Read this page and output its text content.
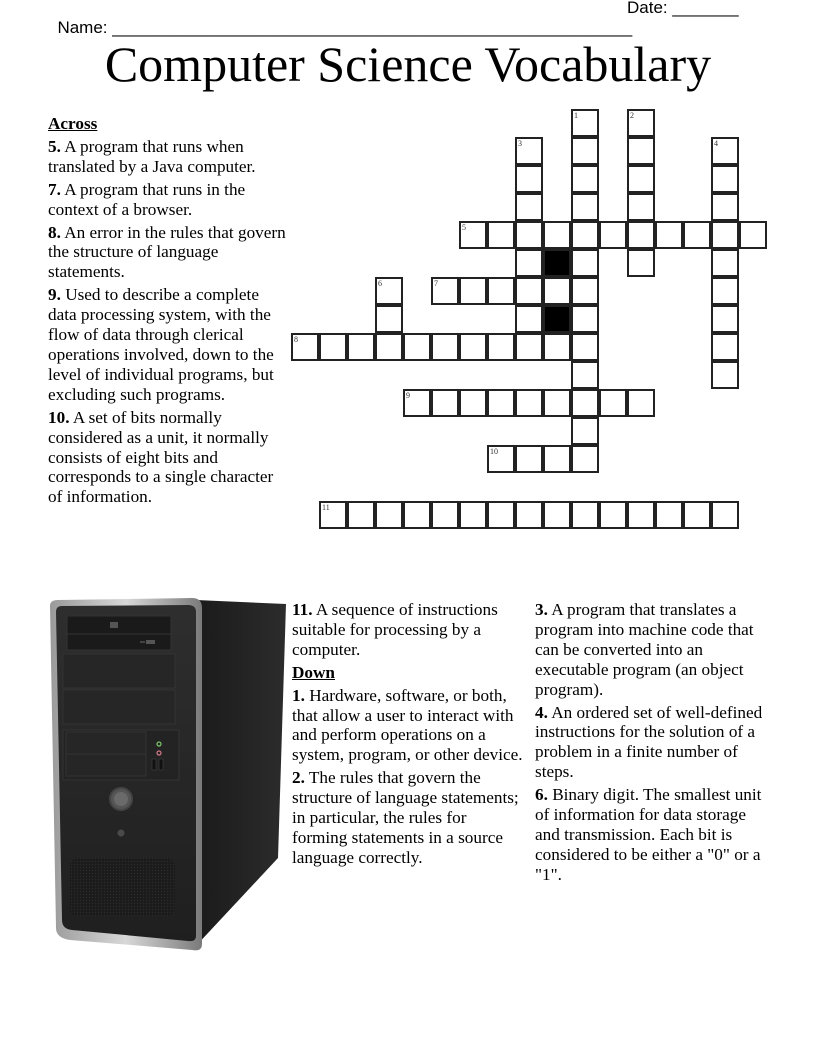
Name: _______________________________________________________

Date: _______

Computer Science Vocabulary
Across
5. A program that runs when translated by a Java computer.
7. A program that runs in the context of a browser.
8. An error in the rules that govern the structure of language statements.
9. Used to describe a complete data processing system, with the flow of data through clerical operations involved, down to the level of individual programs, but excluding such programs.
10. A set of bits normally considered as a unit, it normally consists of eight bits and corresponds to a single character of information.
11. A sequence of instructions suitable for processing by a computer.
Down
1. Hardware, software, or both, that allow a user to interact with and perform operations on a system, program, or other device.
2. The rules that govern the structure of language statements; in particular, the rules for forming statements in a source language correctly.
3. A program that translates a program into machine code that can be converted into an executable program (an object program).
4. An ordered set of well-defined instructions for the solution of a problem in a finite number of steps.
6. Binary digit. The smallest unit of information for data storage and transmission. Each bit is considered to be either a "0" or a "1".
1	2
3	4
5
6	7
8
9
10
11
